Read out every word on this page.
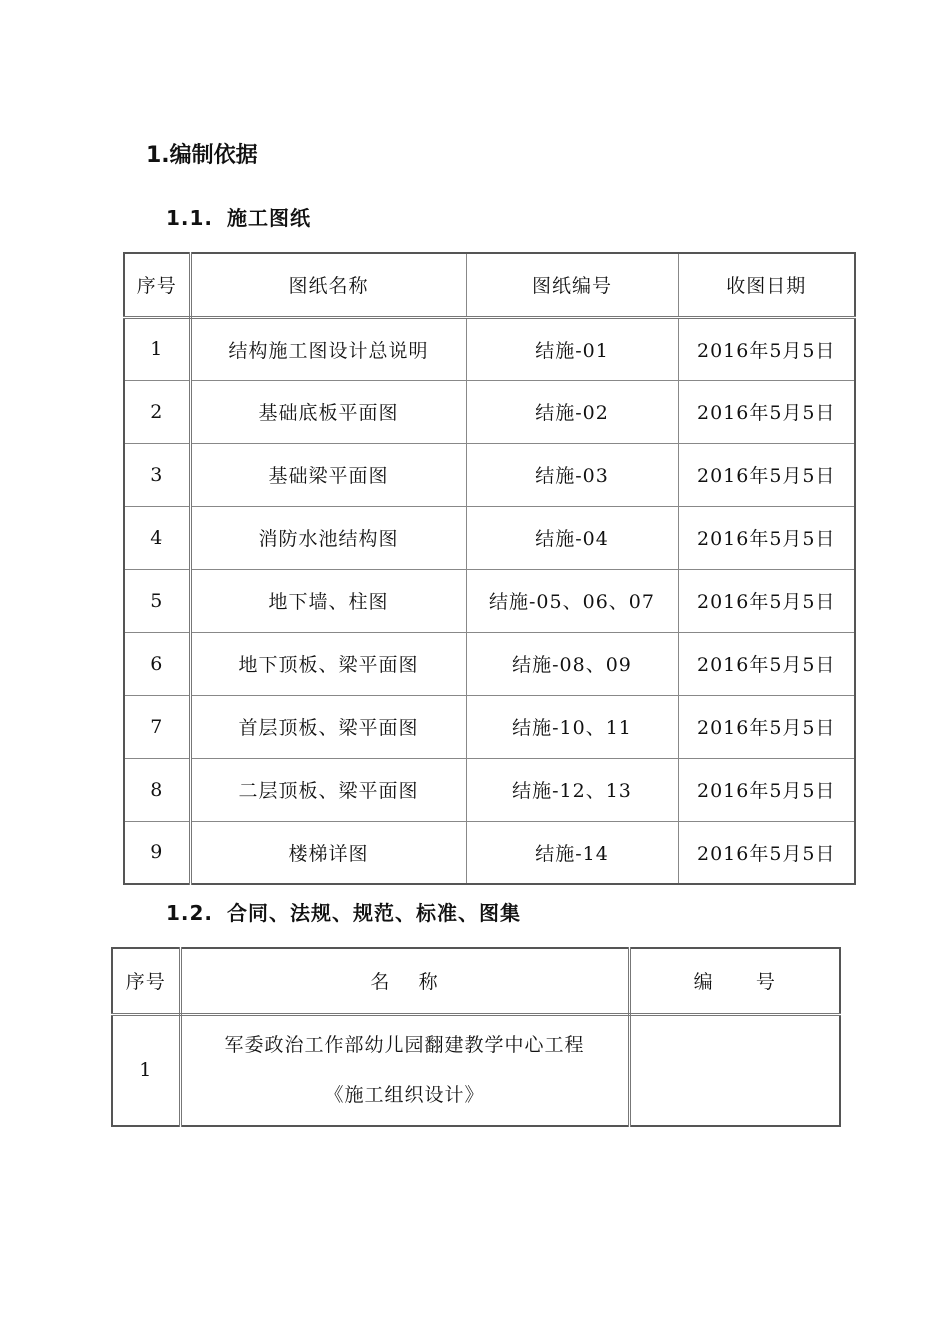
1.编制依据
1.1. 施工图纸
序号	图纸名称	图纸编号	收图日期
1	结构施工图设计总说明	结施-01	2016年5月5日
2	基础底板平面图	结施-02	2016年5月5日
3	基础梁平面图	结施-03	2016年5月5日
4	消防水池结构图	结施-04	2016年5月5日
5	地下墙、柱图	结施-05、06、07	2016年5月5日
6	地下顶板、梁平面图	结施-08、09	2016年5月5日
7	首层顶板、梁平面图	结施-10、11	2016年5月5日
8	二层顶板、梁平面图	结施-12、13	2016年5月5日
9	楼梯详图	结施-14	2016年5月5日
1.2. 合同、法规、规范、标准、图集
序号	名    称	编      号
1	军委政治工作部幼儿园翻建教学中心工程
《施工组织设计》	
